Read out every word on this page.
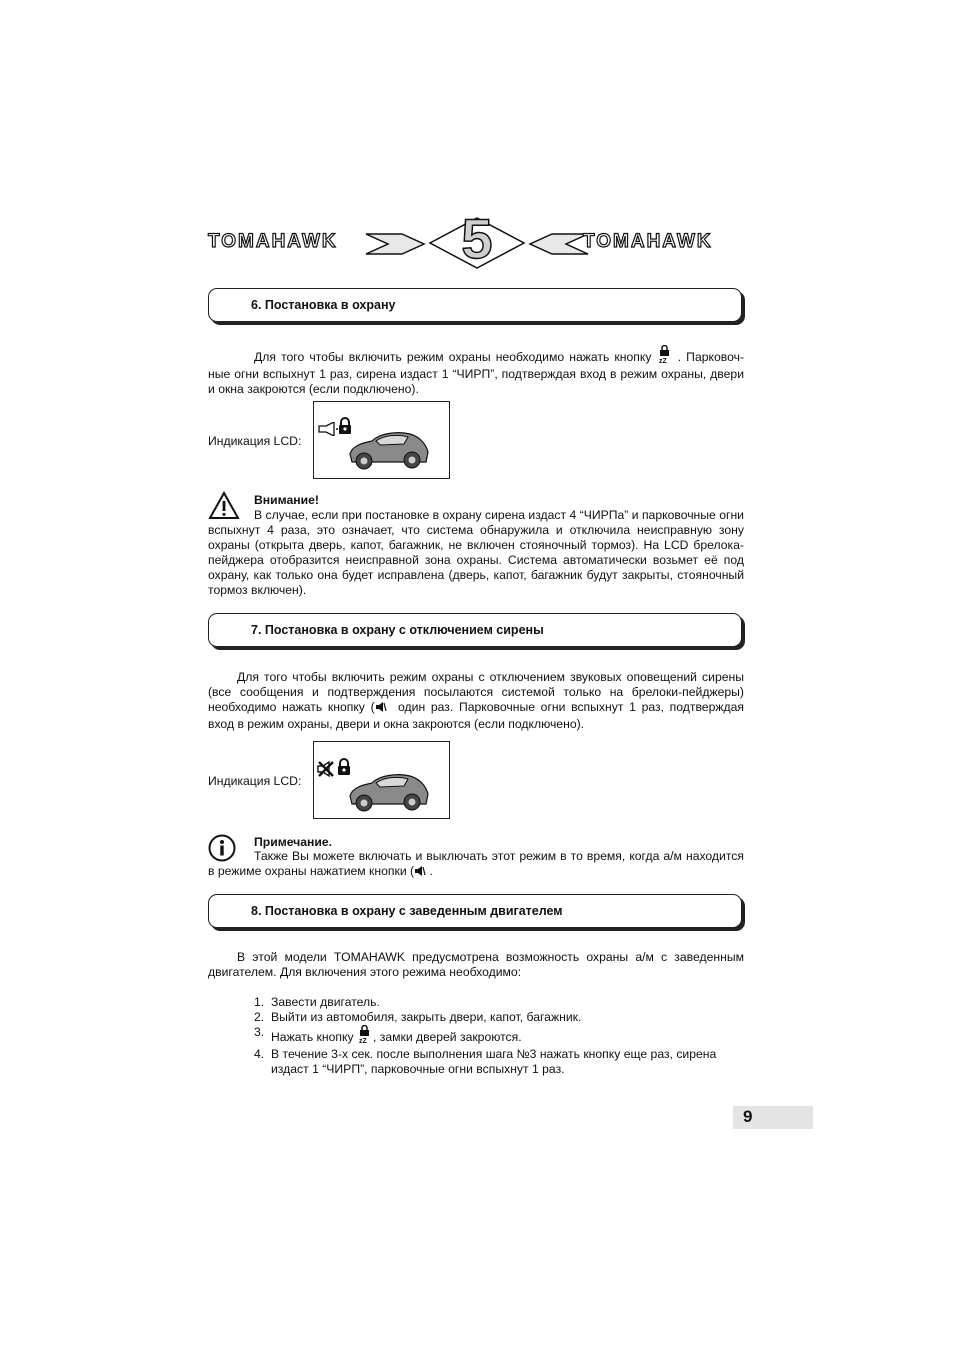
TOMAHAWK	TOMAHAWK
5
6. Постановка в охрану
Для того чтобы включить режим охраны необходимо нажать кнопку zZ . Парковоч- ные огни вспыхнут 1 раз, сирена издаст 1 “ЧИРП”, подтверждая вход в режим охраны, двери и окна закроются (если подключено).
Индикация LCD:
Внимание!
В случае, если при постановке в охрану сирена издаст 4 “ЧИРПа” и парковочные огни вспыхнут 4 раза, это означает, что система обнаружила и отключила неисправную зону охраны (открыта дверь, капот, багажник, не включен стояночный тормоз). На LCD брелока-пейджера отобразится неисправной зона охраны. Система автоматически возьмет её под охрану, как только она будет исправлена (дверь, капот, багажник будут закрыты, стояночный тормоз включен).
7. Постановка в охрану с отключением сирены
Для того чтобы включить режим охраны с отключением звуковых оповещений сирены (все сообщения и подтверждения посылаются системой только на брелоки-пейджеры) необходимо нажать кнопку ( один раз. Парковочные огни вспыхнут 1 раз, подтверждая вход в режим охраны, двери и окна закроются (если подключено).
Индикация LCD:
Примечание.
Также Вы можете включать и выключать этот режим в то время, когда а/м находится в режиме охраны нажатием кнопки ( .
8. Постановка в охрану с заведенным двигателем
В этой модели TOMAHAWK предусмотрена возможность охраны а/м с заведенным двигателем. Для включения этого режима необходимо:
1. Завести двигатель.
2. Выйти из автомобиля, закрыть двери, капот, багажник.
3. Нажать кнопку zZ , замки дверей закроются.
4. В течение 3-х сек. после выполнения шага №3 нажать кнопку еще раз, сирена издаст 1 “ЧИРП”, парковочные огни вспыхнут 1 раз.
9
